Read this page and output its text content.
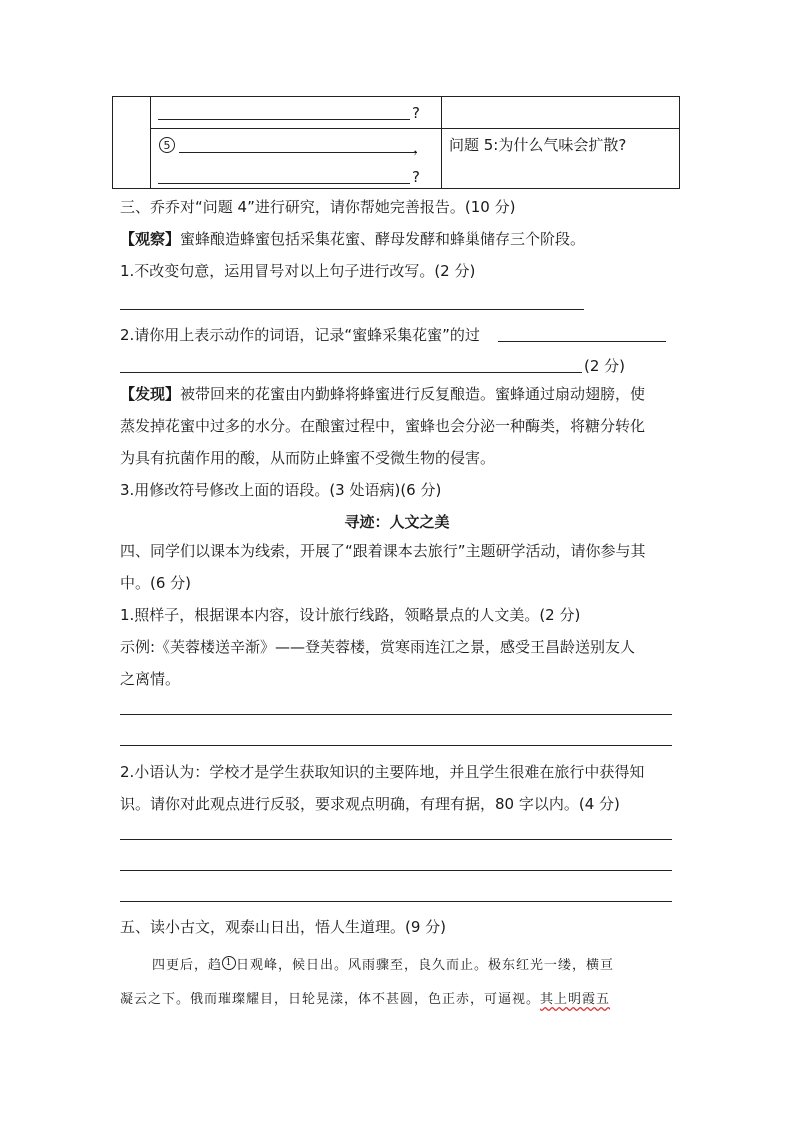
?
5	，
?
问题 5:为什么气味会扩散?
三、乔乔对“问题 4”进行研究，请你帮她完善报告。(10 分)
【观察】蜜蜂酿造蜂蜜包括采集花蜜、酵母发酵和蜂巢储存三个阶段。
1.不改变句意，运用冒号对以上句子进行改写。(2 分)
2.请你用上表示动作的词语，记录“蜜蜂采集花蜜”的过
(2 分)
【发现】被带回来的花蜜由内勤蜂将蜂蜜进行反复酿造。蜜蜂通过扇动翅膀，使
蒸发掉花蜜中过多的水分。在酿蜜过程中，蜜蜂也会分泌一种酶类，将糖分转化
为具有抗菌作用的酸，从而防止蜂蜜不受微生物的侵害。
3.用修改符号修改上面的语段。(3 处语病)(6 分)
寻迹：人文之美
四、同学们以课本为线索，开展了“跟着课本去旅行”主题研学活动，请你参与其
中。(6 分)
1.照样子，根据课本内容，设计旅行线路，领略景点的人文美。(2 分)
示例:《芙蓉楼送辛渐》——登芙蓉楼，赏寒雨连江之景，感受王昌龄送别友人
之离情。
2.小语认为：学校才是学生获取知识的主要阵地，并且学生很难在旅行中获得知
识。请你对此观点进行反驳，要求观点明确，有理有据，80 字以内。(4 分)
五、读小古文，观泰山日出，悟人生道理。(9 分)
四更后，趋 1 日观峰，候日出。风雨骤至，良久而止。极东红光一缕，横亘
凝云之下。俄而璀璨耀目，日轮晃漾，体不甚圆，色正赤，可逼视。其上明霞五
